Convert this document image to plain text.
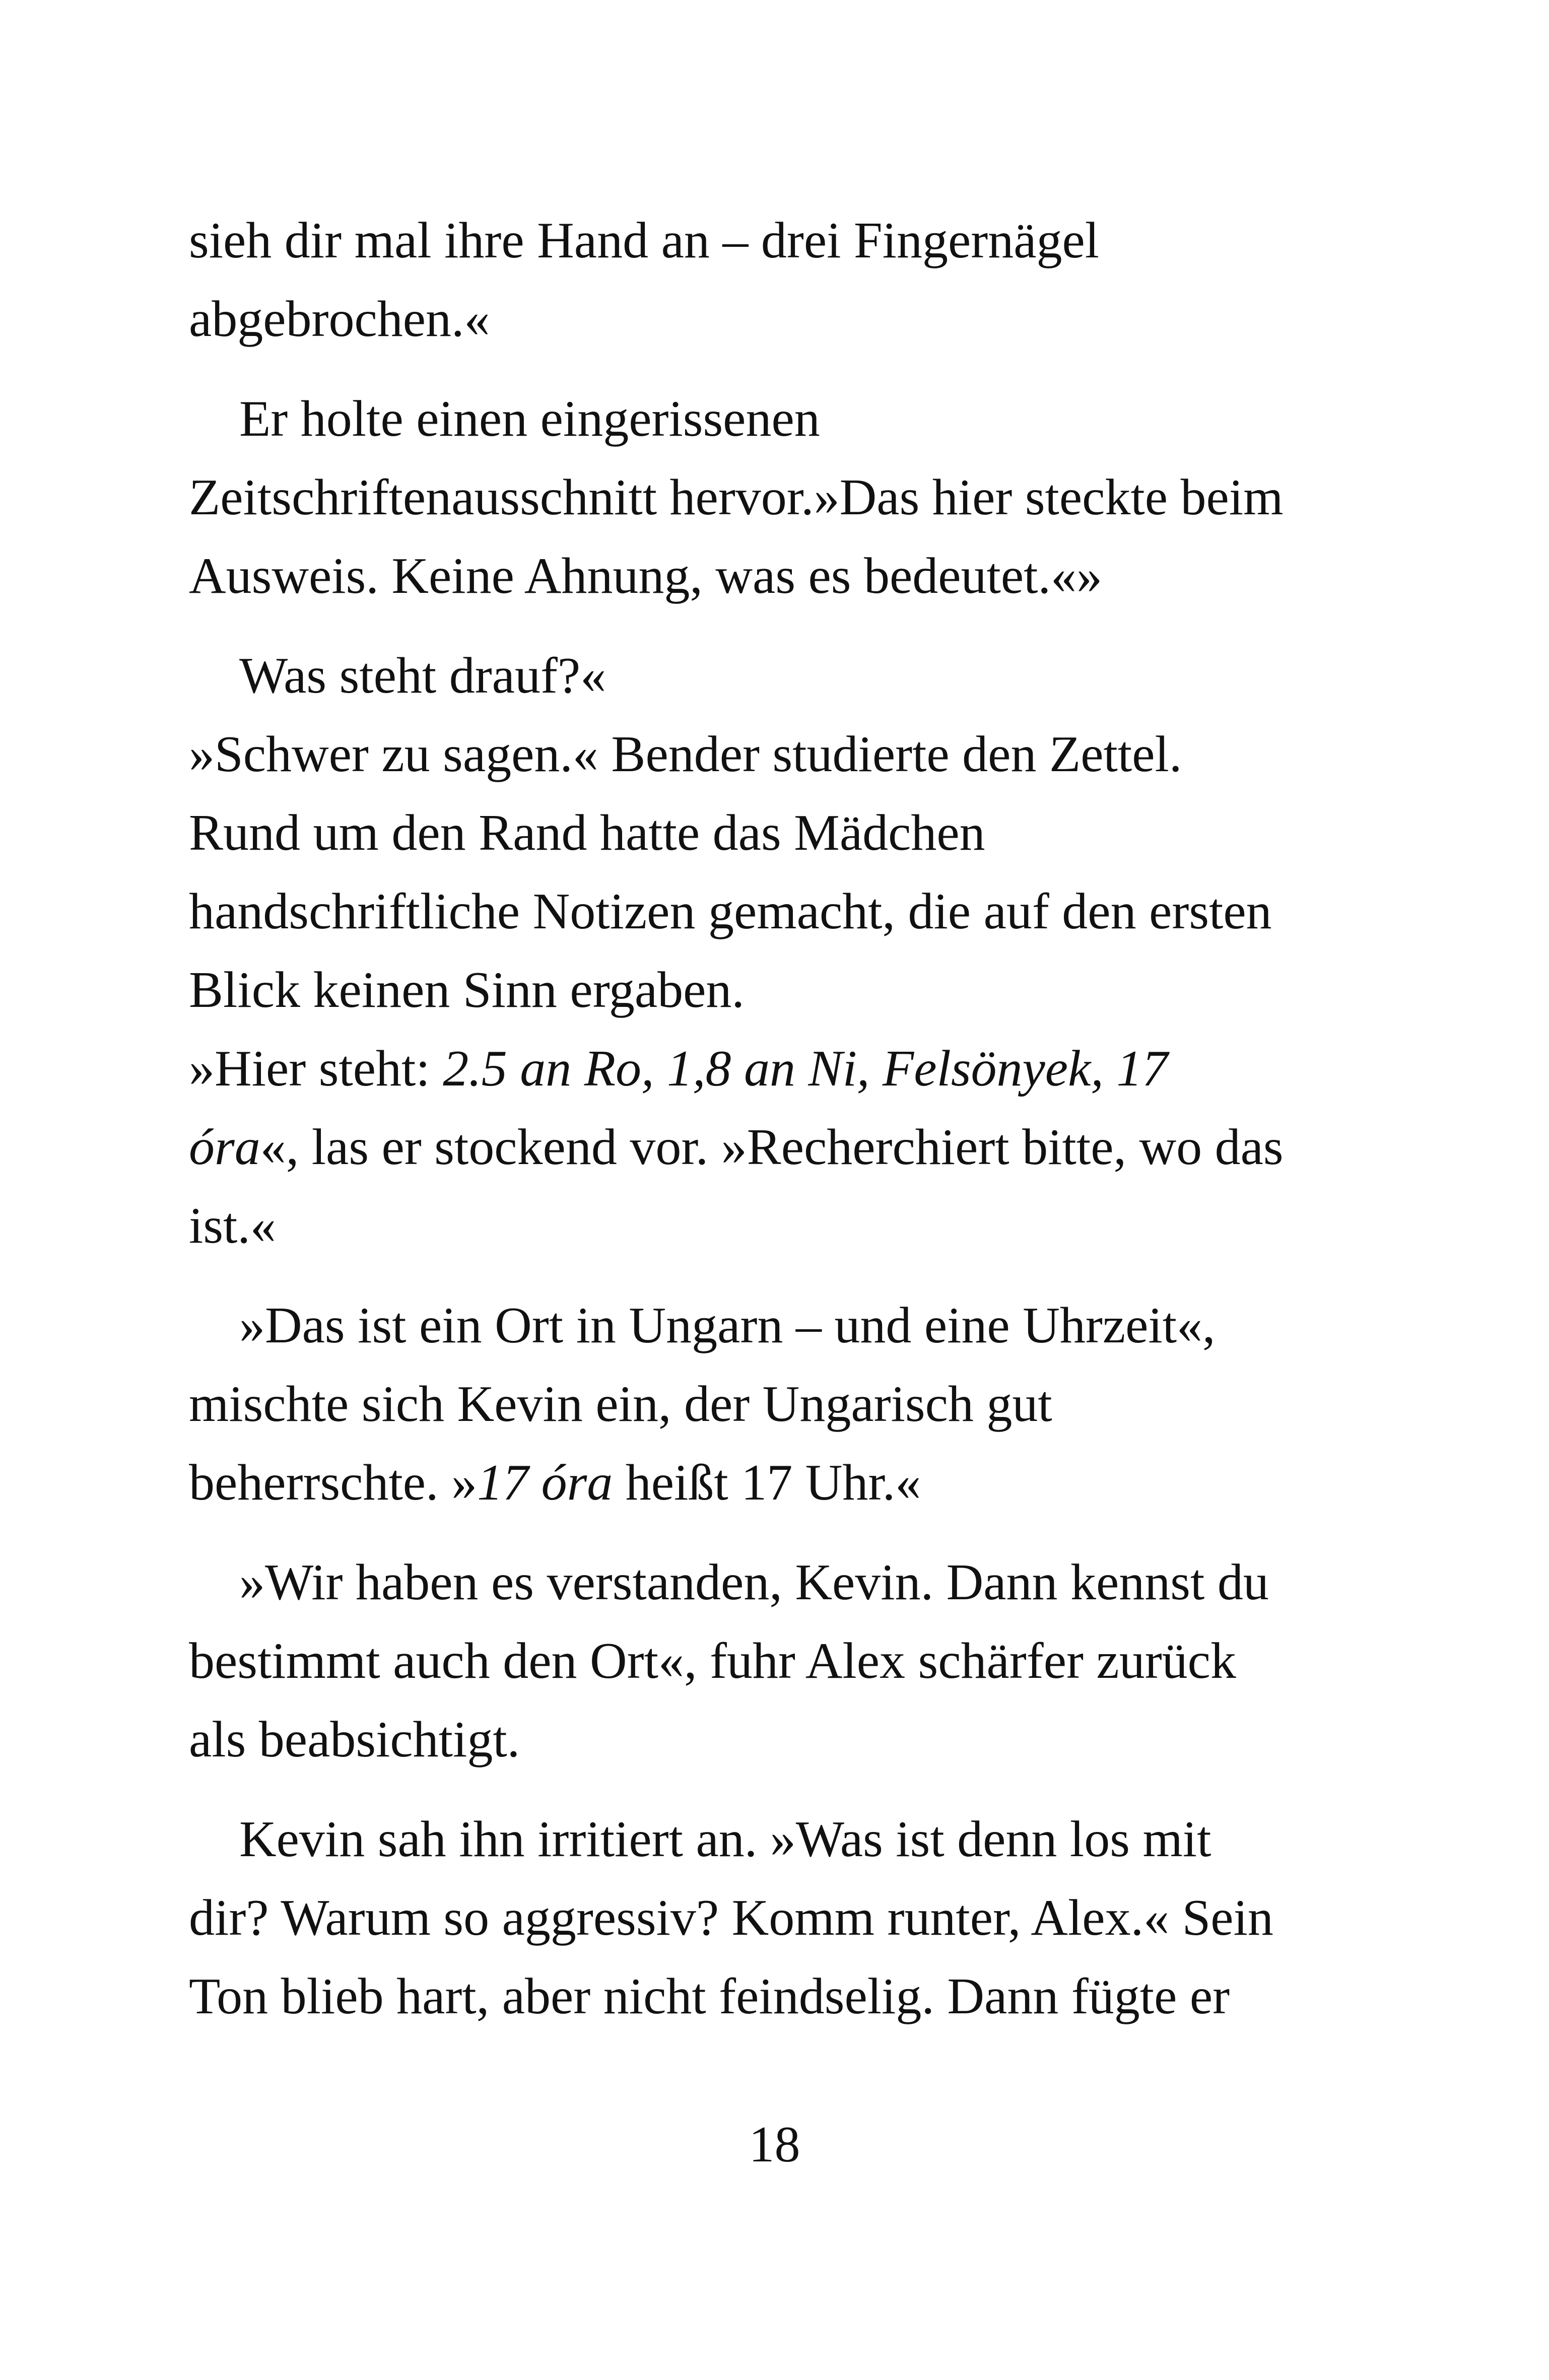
sieh dir mal ihre Hand an – drei Fingernägel
abgebrochen.«

Er holte einen eingerissenen
Zeitschriftenausschnitt hervor.»Das hier steckte beim
Ausweis. Keine Ahnung, was es bedeutet.«»

Was steht drauf?«

»Schwer zu sagen.« Bender studierte den Zettel.
Rund um den Rand hatte das Mädchen
handschriftliche Notizen gemacht, die auf den ersten
Blick keinen Sinn ergaben.

»Hier steht: 2.5 an Ro, 1,8 an Ni, Felsönyek, 17
óra«, las er stockend vor. »Recherchiert bitte, wo das
ist.«

»Das ist ein Ort in Ungarn – und eine Uhrzeit«,
mischte sich Kevin ein, der Ungarisch gut
beherrschte. »17 óra heißt 17 Uhr.«

»Wir haben es verstanden, Kevin. Dann kennst du
bestimmt auch den Ort«, fuhr Alex schärfer zurück
als beabsichtigt.

Kevin sah ihn irritiert an. »Was ist denn los mit
dir? Warum so aggressiv? Komm runter, Alex.« Sein
Ton blieb hart, aber nicht feindselig. Dann fügte er

18
